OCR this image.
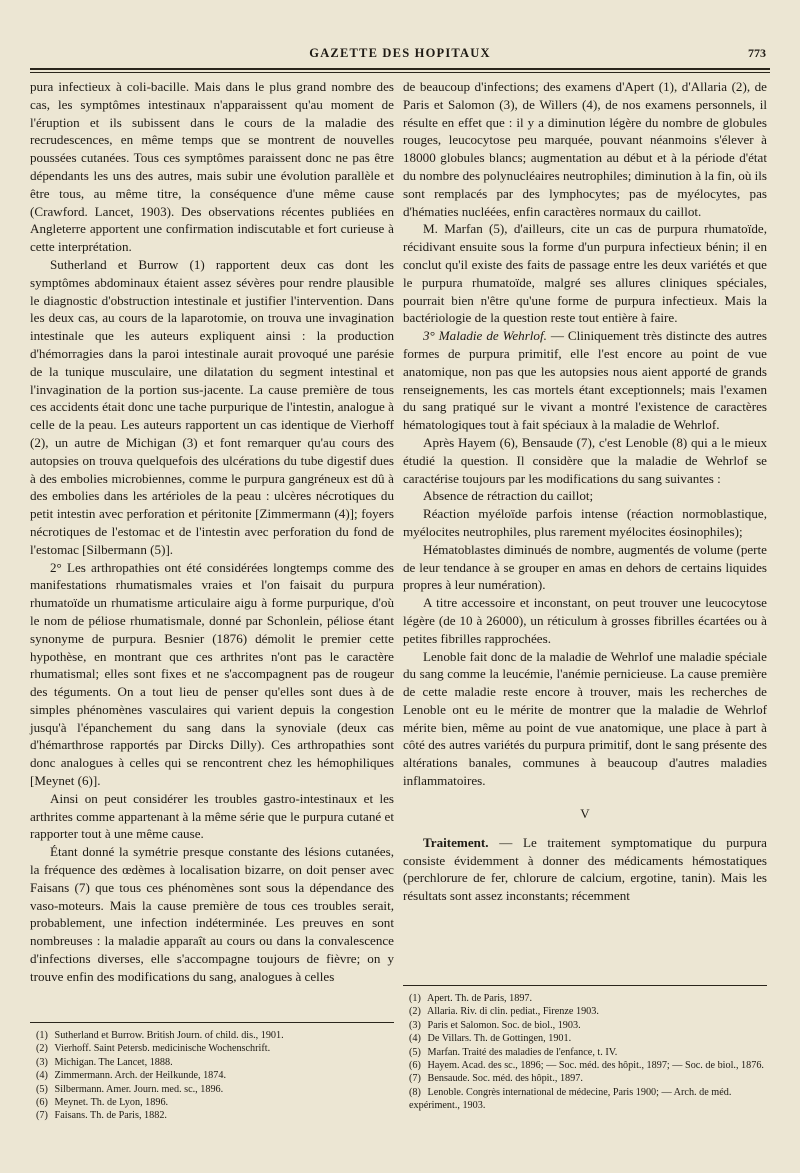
GAZETTE DES HOPITAUX	773

pura infectieux à coli-bacille. Mais dans le plus grand nombre des cas, les symptômes intestinaux n'apparaissent qu'au moment de l'éruption et ils subissent dans le cours de la maladie des recrudescences, en même temps que se montrent de nouvelles poussées cutanées. Tous ces symptômes paraissent donc ne pas être dépendants les uns des autres, mais subir une évolution parallèle et être tous, au même titre, la conséquence d'une même cause (Crawford. Lancet, 1903). Des observations récentes publiées en Angleterre apportent une confirmation indiscutable et fort curieuse à cette interprétation.

Sutherland et Burrow (1) rapportent deux cas dont les symptômes abdominaux étaient assez sévères pour rendre plausible le diagnostic d'obstruction intestinale et justifier l'intervention. Dans les deux cas, au cours de la laparotomie, on trouva une invagination intestinale que les auteurs expliquent ainsi : la production d'hémorragies dans la paroi intestinale aurait provoqué une parésie de la tunique musculaire, une dilatation du segment intestinal et l'invagination de la portion sus-jacente. La cause première de tous ces accidents était donc une tache purpurique de l'intestin, analogue à celle de la peau. Les auteurs rapportent un cas identique de Vierhoff (2), un autre de Michigan (3) et font remarquer qu'au cours des autopsies on trouva quelquefois des ulcérations du tube digestif dues à des embolies microbiennes, comme le purpura gangréneux est dû à des embolies dans les artérioles de la peau : ulcères nécrotiques du petit intestin avec perforation et péritonite [Zimmermann (4)]; foyers nécrotiques de l'estomac et de l'intestin avec perforation du fond de l'estomac [Silbermann (5)].

2° Les arthropathies ont été considérées longtemps comme des manifestations rhumatismales vraies et l'on faisait du purpura rhumatoïde un rhumatisme articulaire aigu à forme purpurique, d'où le nom de péliose rhumatismale, donné par Schonlein, péliose étant synonyme de purpura. Besnier (1876) démolit le premier cette hypothèse, en montrant que ces arthrites n'ont pas le caractère rhumatismal; elles sont fixes et ne s'accompagnent pas de rougeur des téguments. On a tout lieu de penser qu'elles sont dues à de simples phénomènes vasculaires qui varient depuis la congestion jusqu'à l'épanchement du sang dans la synoviale (deux cas d'hémarthrose rapportés par Dircks Dilly). Ces arthropathies sont donc analogues à celles qui se rencontrent chez les hémophiliques [Meynet (6)].

Ainsi on peut considérer les troubles gastro-intestinaux et les arthrites comme appartenant à la même série que le purpura cutané et rapporter tout à une même cause.

Étant donné la symétrie presque constante des lésions cutanées, la fréquence des œdèmes à localisation bizarre, on doit penser avec Faisans (7) que tous ces phénomènes sont sous la dépendance des vaso-moteurs. Mais la cause première de tous ces troubles serait, probablement, une infection indéterminée. Les preuves en sont nombreuses : la maladie apparaît au cours ou dans la convalescence d'infections diverses, elle s'accompagne toujours de fièvre; on y trouve enfin des modifications du sang, analogues à celles

(1) Sutherland et Burrow. British Journ. of child. dis., 1901.

(2) Vierhoff. Saint Petersb. medicinische Wochenschrift.

(3) Michigan. The Lancet, 1888.

(4) Zimmermann. Arch. der Heilkunde, 1874.

(5) Silbermann. Amer. Journ. med. sc., 1896.

(6) Meynet. Th. de Lyon, 1896.

(7) Faisans. Th. de Paris, 1882.

de beaucoup d'infections; des examens d'Apert (1), d'Allaria (2), de Paris et Salomon (3), de Willers (4), de nos examens personnels, il résulte en effet que : il y a diminution légère du nombre de globules rouges, leucocytose peu marquée, pouvant néanmoins s'élever à 18000 globules blancs; augmentation au début et à la période d'état du nombre des polynucléaires neutrophiles; diminution à la fin, où ils sont remplacés par des lymphocytes; pas de myélocytes, pas d'hématies nucléées, enfin caractères normaux du caillot.

M. Marfan (5), d'ailleurs, cite un cas de purpura rhumatoïde, récidivant ensuite sous la forme d'un purpura infectieux bénin; il en conclut qu'il existe des faits de passage entre les deux variétés et que le purpura rhumatoïde, malgré ses allures cliniques spéciales, pourrait bien n'être qu'une forme de purpura infectieux. Mais la bactériologie de la question reste tout entière à faire.

3° Maladie de Wehrlof. — Cliniquement très distincte des autres formes de purpura primitif, elle l'est encore au point de vue anatomique, non pas que les autopsies nous aient apporté de grands renseignements, les cas mortels étant exceptionnels; mais l'examen du sang pratiqué sur le vivant a montré l'existence de caractères hématologiques tout à fait spéciaux à la maladie de Wehrlof.

Après Hayem (6), Bensaude (7), c'est Lenoble (8) qui a le mieux étudié la question. Il considère que la maladie de Wehrlof se caractérise toujours par les modifications du sang suivantes :

Absence de rétraction du caillot;

Réaction myéloïde parfois intense (réaction normoblastique, myélocites neutrophiles, plus rarement myélocites éosinophiles);

Hématoblastes diminués de nombre, augmentés de volume (perte de leur tendance à se grouper en amas en dehors de certains liquides propres à leur numération).

A titre accessoire et inconstant, on peut trouver une leucocytose légère (de 10 à 26000), un réticulum à grosses fibrilles écartées ou à petites fibrilles rapprochées.

Lenoble fait donc de la maladie de Wehrlof une maladie spéciale du sang comme la leucémie, l'anémie pernicieuse. La cause première de cette maladie reste encore à trouver, mais les recherches de Lenoble ont eu le mérite de montrer que la maladie de Wehrlof mérite bien, même au point de vue anatomique, une place à part à côté des autres variétés du purpura primitif, dont le sang présente des altérations banales, communes à beaucoup d'autres maladies inflammatoires.

V

Traitement. — Le traitement symptomatique du purpura consiste évidemment à donner des médicaments hémostatiques (perchlorure de fer, chlorure de calcium, ergotine, tanin). Mais les résultats sont assez inconstants; récemment

(1) Apert. Th. de Paris, 1897.

(2) Allaria. Riv. di clin. pediat., Firenze 1903.

(3) Paris et Salomon. Soc. de biol., 1903.

(4) De Villars. Th. de Gottingen, 1901.

(5) Marfan. Traité des maladies de l'enfance, t. IV.

(6) Hayem. Acad. des sc., 1896; — Soc. méd. des hôpit., 1897; — Soc. de biol., 1876.

(7) Bensaude. Soc. méd. des hôpit., 1897.

(8) Lenoble. Congrès international de médecine, Paris 1900; — Arch. de méd. expériment., 1903.
